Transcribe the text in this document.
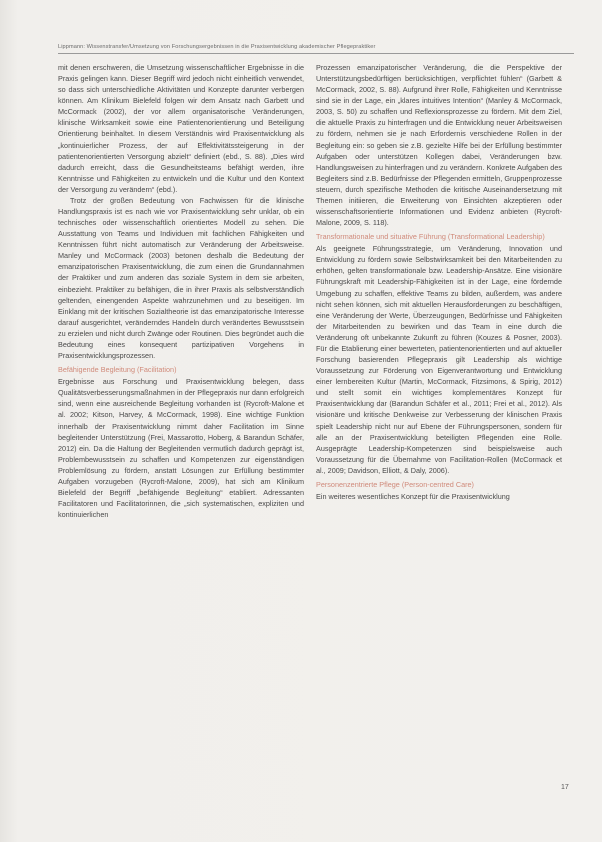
Lippmann: Wissenstransfer/Umsetzung von Forschungsergebnissen in die Praxisentwicklung akademischer Pflegepraktiker

mit denen erschweren, die Umsetzung wissenschaftlicher Ergebnisse in die Praxis gelingen kann. Dieser Begriff wird jedoch nicht einheitlich verwendet, so dass sich unterschiedliche Aktivitäten und Konzepte darunter verbergen können. Am Klinikum Bielefeld folgen wir dem Ansatz nach Garbett und McCormack (2002), der vor allem organisatorische Veränderungen, klinische Wirksamkeit sowie eine Patientenorientierung und Beteiligung Orientierung beinhaltet. In diesem Verständnis wird Praxisentwicklung als „kontinuierlicher Prozess, der auf Effektivitätssteigerung in der patientenorientierten Versorgung abzielt“ definiert (ebd., S. 88). „Dies wird dadurch erreicht, dass die Gesundheitsteams befähigt werden, ihre Kenntnisse und Fähigkeiten zu entwickeln und die Kultur und den Kontext der Versorgung zu verändern“ (ebd.).

Trotz der großen Bedeutung von Fachwissen für die klinische Handlungspraxis ist es nach wie vor Praxisentwicklung sehr unklar, ob ein technisches oder wissenschaftlich orientiertes Modell zu sehen. Die Ausstattung von Teams und Individuen mit fachlichen Fähigkeiten und Kenntnissen führt nicht automatisch zur Veränderung der Arbeitsweise. Manley und McCormack (2003) betonen deshalb die Bedeutung der emanzipatorischen Praxisentwicklung, die zum einen die Grundannahmen der Praktiker und zum anderen das soziale System in dem sie arbeiten, einbezieht. Praktiker zu befähigen, die in ihrer Praxis als selbstverständlich geltenden, einengenden Aspekte wahrzunehmen und zu beseitigen. Im Einklang mit der kritischen Sozialtheorie ist das emanzipatorische Interesse darauf ausgerichtet, veränderndes Handeln durch verändertes Bewusstsein zu erzielen und nicht durch Zwänge oder Routinen. Dies begründet auch die Bedeutung eines konsequent partizipativen Vorgehens in Praxisentwicklungsprozessen.

Befähigende Begleitung (Facilitation)

Ergebnisse aus Forschung und Praxisentwicklung belegen, dass Qualitätsverbesserungsmaßnahmen in der Pflegepraxis nur dann erfolgreich sind, wenn eine ausreichende Begleitung vorhanden ist (Rycroft-Malone et al. 2002; Kitson, Harvey, & McCormack, 1998). Eine wichtige Funktion innerhalb der Praxisentwicklung nimmt daher Facilitation im Sinne begleitender Unterstützung (Frei, Massarotto, Hoberg, & Barandun Schäfer, 2012) ein. Da die Haltung der Begleitenden vermutlich dadurch geprägt ist, Problembewusstsein zu schaffen und Kompetenzen zur eigenständigen Problemlösung zu fördern, anstatt Lösungen zur Erfüllung bestimmter Aufgaben vorzugeben (Rycroft-Malone, 2009), hat sich am Klinikum Bielefeld der Begriff „befähigende Begleitung“ etabliert. Adressanten Facilitatoren und Facilitatorinnen, die „sich systematischen, expliziten und kontinuierlichen

Prozessen emanzipatorischer Veränderung, die die Perspektive der Unterstützungsbedürftigen berücksichtigen, verpflichtet fühlen“ (Garbett & McCormack, 2002, S. 88). Aufgrund ihrer Rolle, Fähigkeiten und Kenntnisse sind sie in der Lage, ein „klares intuitives Intention“ (Manley & McCormack, 2003, S. 50) zu schaffen und Reflexionsprozesse zu fördern. Mit dem Ziel, die aktuelle Praxis zu hinterfragen und die Entwicklung neuer Arbeitsweisen zu fördern, nehmen sie je nach Erfordernis verschiedene Rollen in der Begleitung ein: so geben sie z.B. gezielte Hilfe bei der Erfüllung bestimmter Aufgaben oder unterstützen Kollegen dabei, Veränderungen bzw. Handlungsweisen zu hinterfragen und zu verändern. Konkrete Aufgaben des Begleiters sind z.B. Bedürfnisse der Pflegenden ermitteln, Gruppenprozesse steuern, durch spezifische Methoden die kritische Auseinandersetzung mit Themen initiieren, die Erweiterung von Einsichten akzeptieren oder wissenschaftsorientierte Informationen und Evidenz anbieten (Rycroft-Malone, 2009, S. 118).

Transformationale und situative Führung (Transformational Leadership)

Als geeignete Führungsstrategie, um Veränderung, Innovation und Entwicklung zu fördern sowie Selbstwirksamkeit bei den Mitarbeitenden zu erhöhen, gelten transformationale bzw. Leadership-Ansätze. Eine visionäre Führungskraft mit Leadership-Fähigkeiten ist in der Lage, eine fördernde Umgebung zu schaffen, effektive Teams zu bilden, außerdem, was andere nicht sehen können, sich mit aktuellen Herausforderungen zu beschäftigen, eine Veränderung der Werte, Überzeugungen, Bedürfnisse und Fähigkeiten der Mitarbeitenden zu bewirken und das Team in eine durch die Veränderung oft unbekannte Zukunft zu führen (Kouzes & Posner, 2003). Für die Etablierung einer bewerteten, patientenorientierten und auf aktueller Forschung basierenden Pflegepraxis gilt Leadership als wichtige Voraussetzung zur Förderung von Eigenverantwortung und Entwicklung einer lernbereiten Kultur (Martin, McCormack, Fitzsimons, & Spirig, 2012) und stellt somit ein wichtiges komplementäres Konzept für Praxisentwicklung dar (Barandun Schäfer et al., 2011; Frei et al., 2012). Als visionäre und kritische Denkweise zur Verbesserung der klinischen Praxis spielt Leadership nicht nur auf Ebene der Führungspersonen, sondern für alle an der Praxisentwicklung beteiligten Pflegenden eine Rolle. Ausgeprägte Leadership-Kompetenzen sind beispielsweise auch Voraussetzung für die Übernahme von Facilitation-Rollen (McCormack et al., 2009; Davidson, Elliott, & Daly, 2006).

Personenzentrierte Pflege (Person-centred Care)

Ein weiteres wesentliches Konzept für die Praxisentwicklung

17
